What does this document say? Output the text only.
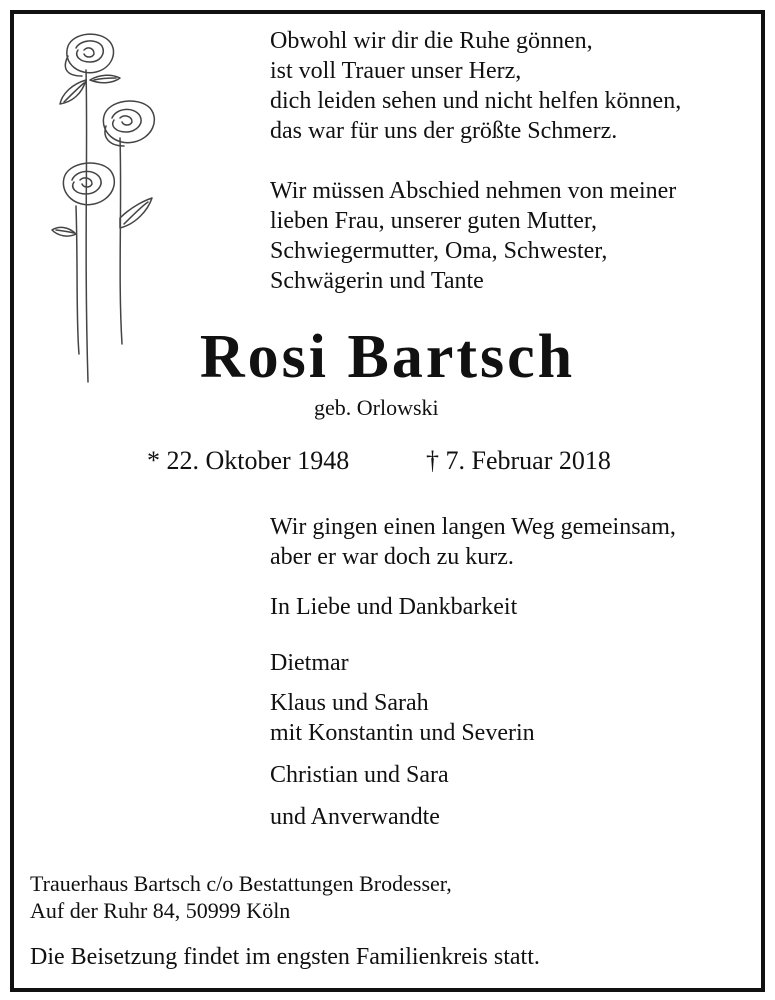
Obwohl wir dir die Ruhe gönnen,
ist voll Trauer unser Herz,
dich leiden sehen und nicht helfen können,
das war für uns der größte Schmerz.
Wir müssen Abschied nehmen von meiner
lieben Frau, unserer guten Mutter,
Schwiegermutter, Oma, Schwester,
Schwägerin und Tante
Rosi Bartsch
geb. Orlowski
* 22. Oktober 1948	† 7. Februar 2018
Wir gingen einen langen Weg gemeinsam,
aber er war doch zu kurz.
In Liebe und Dankbarkeit
Dietmar
Klaus und Sarah
mit Konstantin und Severin
Christian und Sara
und Anverwandte
Trauerhaus Bartsch c/o Bestattungen Brodesser,
Auf der Ruhr 84, 50999 Köln
Die Beisetzung findet im engsten Familienkreis statt.
